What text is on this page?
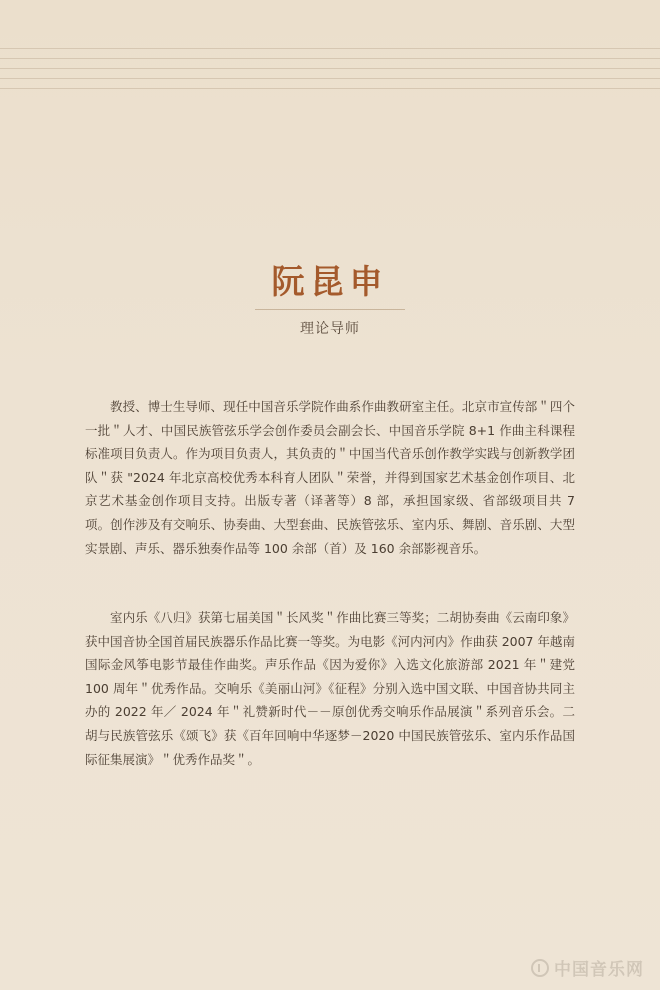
阮昆申
理论导师

教授、博士生导师、现任中国音乐学院作曲系作曲教研室主任。北京市宣传部＂四个一批＂人才、中国民族管弦乐学会创作委员会副会长、中国音乐学院 8+1 作曲主科课程标准项目负责人。作为项目负责人，其负责的＂中国当代音乐创作教学实践与创新教学团队＂获 "2024 年北京高校优秀本科育人团队＂荣誉，并得到国家艺术基金创作项目、北京艺术基金创作项目支持。出版专著（译著等）8 部，承担国家级、省部级项目共 7 项。创作涉及有交响乐、协奏曲、大型套曲、民族管弦乐、室内乐、舞剧、音乐剧、大型实景剧、声乐、器乐独奏作品等 100 余部（首）及 160 余部影视音乐。

室内乐《八归》获第七届美国＂长风奖＂作曲比赛三等奖；二胡协奏曲《云南印象》获中国音协全国首届民族器乐作品比赛一等奖。为电影《河内河内》作曲获 2007 年越南国际金风筝电影节最佳作曲奖。声乐作品《因为爱你》入选文化旅游部 2021 年＂建党 100 周年＂优秀作品。交响乐《美丽山河》《征程》分别入选中国文联、中国音协共同主办的 2022 年／ 2024 年＂礼赞新时代－－原创优秀交响乐作品展演＂系列音乐会。二胡与民族管弦乐《颂飞》获《百年回响中华逐梦－2020 中国民族管弦乐、室内乐作品国际征集展演》＂优秀作品奖＂。

中国音乐网
